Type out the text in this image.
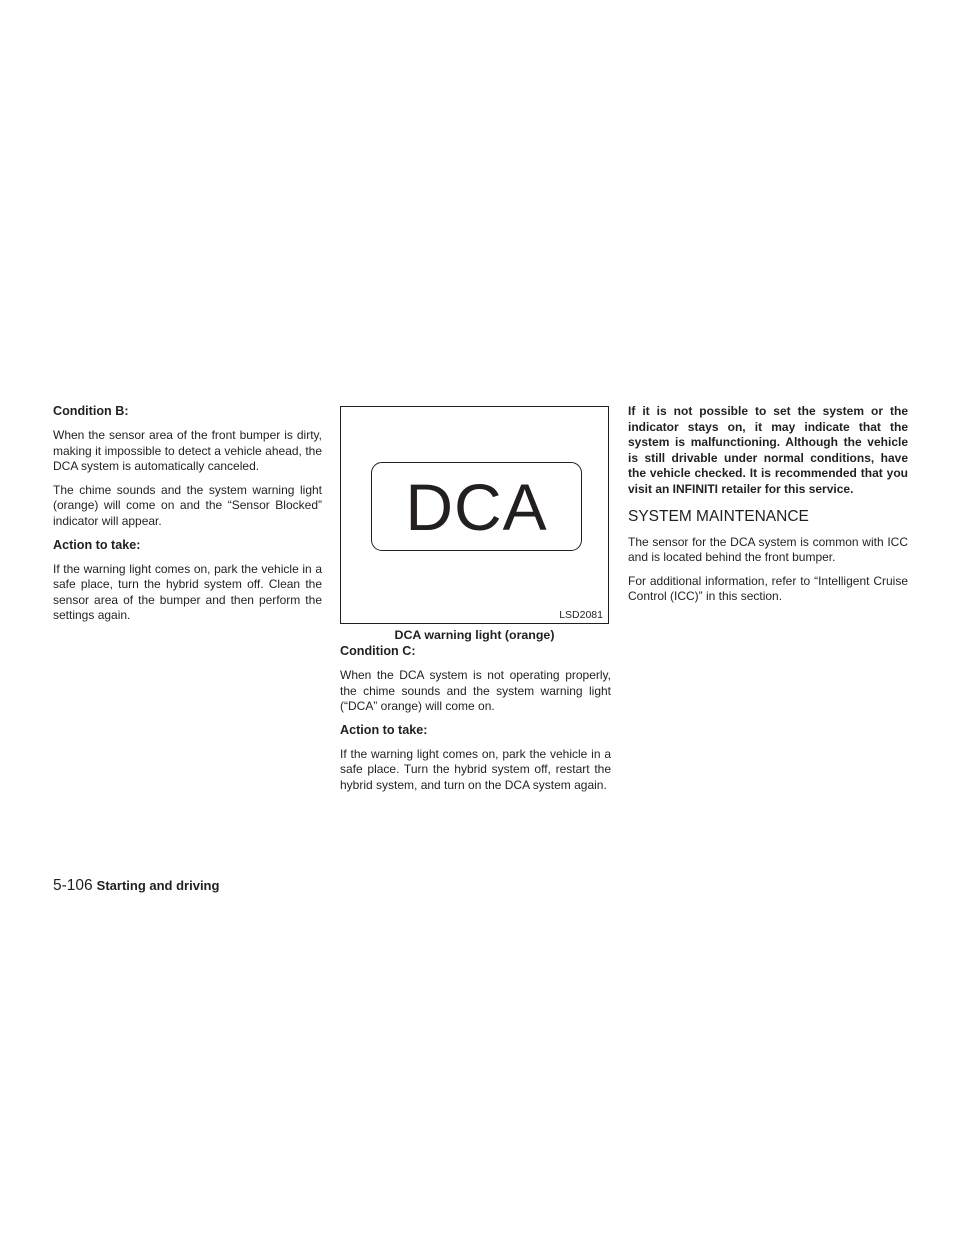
Condition B:

When the sensor area of the front bumper is dirty, making it impossible to detect a vehicle ahead, the DCA system is automatically canceled.

The chime sounds and the system warning light (orange) will come on and the “Sensor Blocked” indicator will appear.

Action to take:

If the warning light comes on, park the vehicle in a safe place, turn the hybrid system off. Clean the sensor area of the bumper and then perform the settings again.

DCA
LSD2081

DCA warning light (orange)

Condition C:

When the DCA system is not operating properly, the chime sounds and the system warning light (“DCA” orange) will come on.

Action to take:

If the warning light comes on, park the vehicle in a safe place. Turn the hybrid system off, restart the hybrid system, and turn on the DCA system again.

If it is not possible to set the system or the indicator stays on, it may indicate that the system is malfunctioning. Although the vehicle is still drivable under normal conditions, have the vehicle checked. It is recommended that you visit an INFINITI retailer for this service.

SYSTEM MAINTENANCE

The sensor for the DCA system is common with ICC and is located behind the front bumper.

For additional information, refer to “Intelligent Cruise Control (ICC)” in this section.

5-106 Starting and driving
